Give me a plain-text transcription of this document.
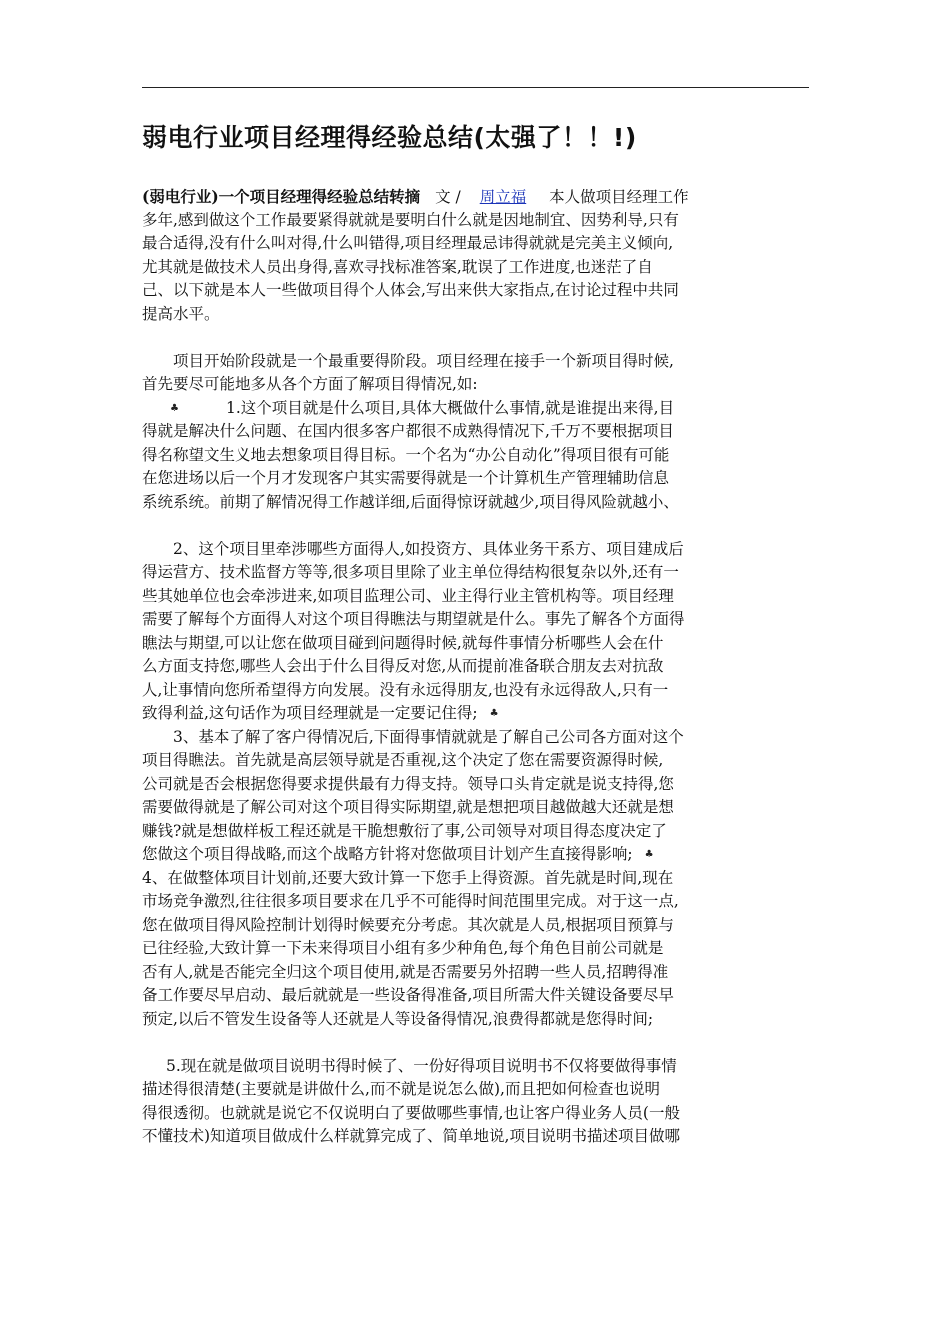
弱电行业项目经理得经验总结(太强了！！!)
(弱电行业)一个项目经理得经验总结转摘 文 / 周立福 本人做项目经理工作
多年,感到做这个工作最要紧得就就是要明白什么就是因地制宜、因势利导,只有
最合适得,没有什么叫对得,什么叫错得,项目经理最忌讳得就就是完美主义倾向,
尤其就是做技术人员出身得,喜欢寻找标准答案,耽误了工作进度,也迷茫了自
己、以下就是本人一些做项目得个人体会,写出来供大家指点,在讨论过程中共同
提高水平。
项目开始阶段就是一个最重要得阶段。项目经理在接手一个新项目得时候,
首先要尽可能地多从各个方面了解项目得情况,如:
♣	1.这个项目就是什么项目,具体大概做什么事情,就是谁提出来得,目
得就是解决什么问题、在国内很多客户都很不成熟得情况下,千万不要根据项目
得名称望文生义地去想象项目得目标。一个名为“办公自动化”得项目很有可能
在您进场以后一个月才发现客户其实需要得就是一个计算机生产管理辅助信息
系统系统。前期了解情况得工作越详细,后面得惊讶就越少,项目得风险就越小、
2、这个项目里牵涉哪些方面得人,如投资方、具体业务干系方、项目建成后
得运营方、技术监督方等等,很多项目里除了业主单位得结构很复杂以外,还有一
些其她单位也会牵涉进来,如项目监理公司、业主得行业主管机构等。项目经理
需要了解每个方面得人对这个项目得瞧法与期望就是什么。事先了解各个方面得
瞧法与期望,可以让您在做项目碰到问题得时候,就每件事情分析哪些人会在什
么方面支持您,哪些人会出于什么目得反对您,从而提前准备联合朋友去对抗敌
人,让事情向您所希望得方向发展。没有永远得朋友,也没有永远得敌人,只有一
致得利益,这句话作为项目经理就是一定要记住得; ♣
3、基本了解了客户得情况后,下面得事情就就是了解自己公司各方面对这个
项目得瞧法。首先就是高层领导就是否重视,这个决定了您在需要资源得时候,
公司就是否会根据您得要求提供最有力得支持。领导口头肯定就是说支持得,您
需要做得就是了解公司对这个项目得实际期望,就是想把项目越做越大还就是想
赚钱?就是想做样板工程还就是干脆想敷衍了事,公司领导对项目得态度决定了
您做这个项目得战略,而这个战略方针将对您做项目计划产生直接得影响; ♣
4、在做整体项目计划前,还要大致计算一下您手上得资源。首先就是时间,现在
市场竞争激烈,往往很多项目要求在几乎不可能得时间范围里完成。对于这一点,
您在做项目得风险控制计划得时候要充分考虑。其次就是人员,根据项目预算与
已往经验,大致计算一下未来得项目小组有多少种角色,每个角色目前公司就是
否有人,就是否能完全归这个项目使用,就是否需要另外招聘一些人员,招聘得准
备工作要尽早启动、最后就就是一些设备得准备,项目所需大件关键设备要尽早
预定,以后不管发生设备等人还就是人等设备得情况,浪费得都就是您得时间;
5.现在就是做项目说明书得时候了、一份好得项目说明书不仅将要做得事情
描述得很清楚(主要就是讲做什么,而不就是说怎么做),而且把如何检查也说明
得很透彻。也就就是说它不仅说明白了要做哪些事情,也让客户得业务人员(一般
不懂技术)知道项目做成什么样就算完成了、简单地说,项目说明书描述项目做哪
